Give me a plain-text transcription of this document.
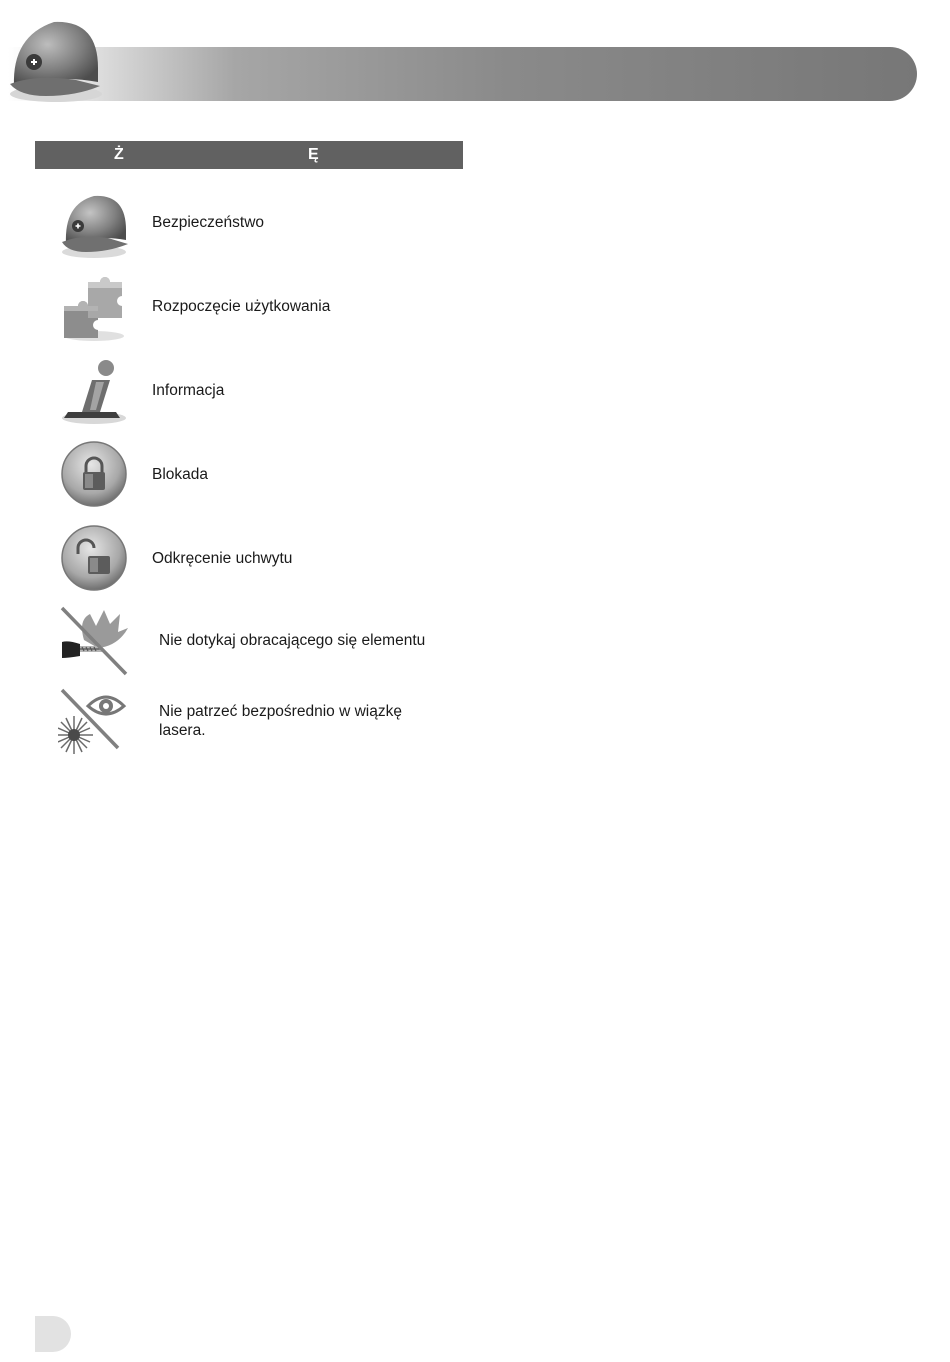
Polski
Ż	Ę
Bezpieczeństwo
Rozpoczęcie użytkowania
Informacja
Blokada
Odkręcenie uchwytu
Nie dotykaj obracającego się elementu
Nie patrzeć bezpośrednio w wiązkę
lasera.
